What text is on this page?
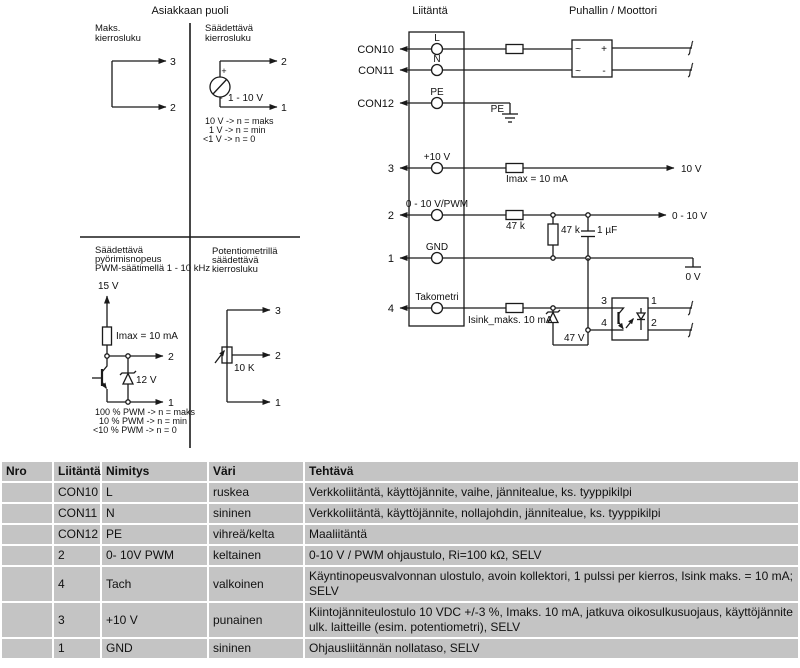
Asiakkaan puoli	Liitäntä	Puhallin / Moottori
Maks.
kierrosluku
3
2
Säädettävä
kierrosluku
+
- 1 - 10 V
2
1
10 V -> n = maks
1 V -> n = min
<1 V -> n = 0
Säädettävä
pyörimisnopeus
PWM-säätimellä 1 - 10 kHz
15 V
Imax = 10 mA
12 V
2
1
100 % PWM -> n = maks
10 % PWM -> n = min
<10 % PWM -> n = 0
Potentiometrillä
säädettävä
kierrosluku
10 K
3
2
1
CON10
CON11
CON12
3
2
1
4
L
N
PE
+10 V
0 - 10 V/PWM
GND
Takometri
PE
Imax = 10 mA
10 V
47 k	47 k 1 µF
0 - 10 V
0 V
Isink_maks. 10 mA
47 V
3
4
1
2
~
~
+
-
Nro	Liitäntä	Nimitys	Väri	Tehtävä
	CON10	L	ruskea	Verkkoliitäntä, käyttöjännite, vaihe, jännitealue, ks. tyyppikilpi
	CON11	N	sininen	Verkkoliitäntä, käyttöjännite, nollajohdin, jännitealue, ks. tyyppikilpi
	CON12	PE	vihreä/kelta	Maaliitäntä
	2	0- 10V PWM	keltainen	0-10 V / PWM ohjaustulo, Ri=100 kΩ, SELV
	4	Tach	valkoinen	Käyntinopeusvalvonnan ulostulo, avoin kollektori, 1 pulssi per kierros, Isink maks. = 10 mA; SELV
	3	+10 V	punainen	Kiintojänniteulostulo 10 VDC +/-3 %, Imaks. 10 mA, jatkuva oikosulkusuojaus, käyttöjännite ulk. laitteille (esim. potentiometri), SELV
	1	GND	sininen	Ohjausliitännän nollataso, SELV
